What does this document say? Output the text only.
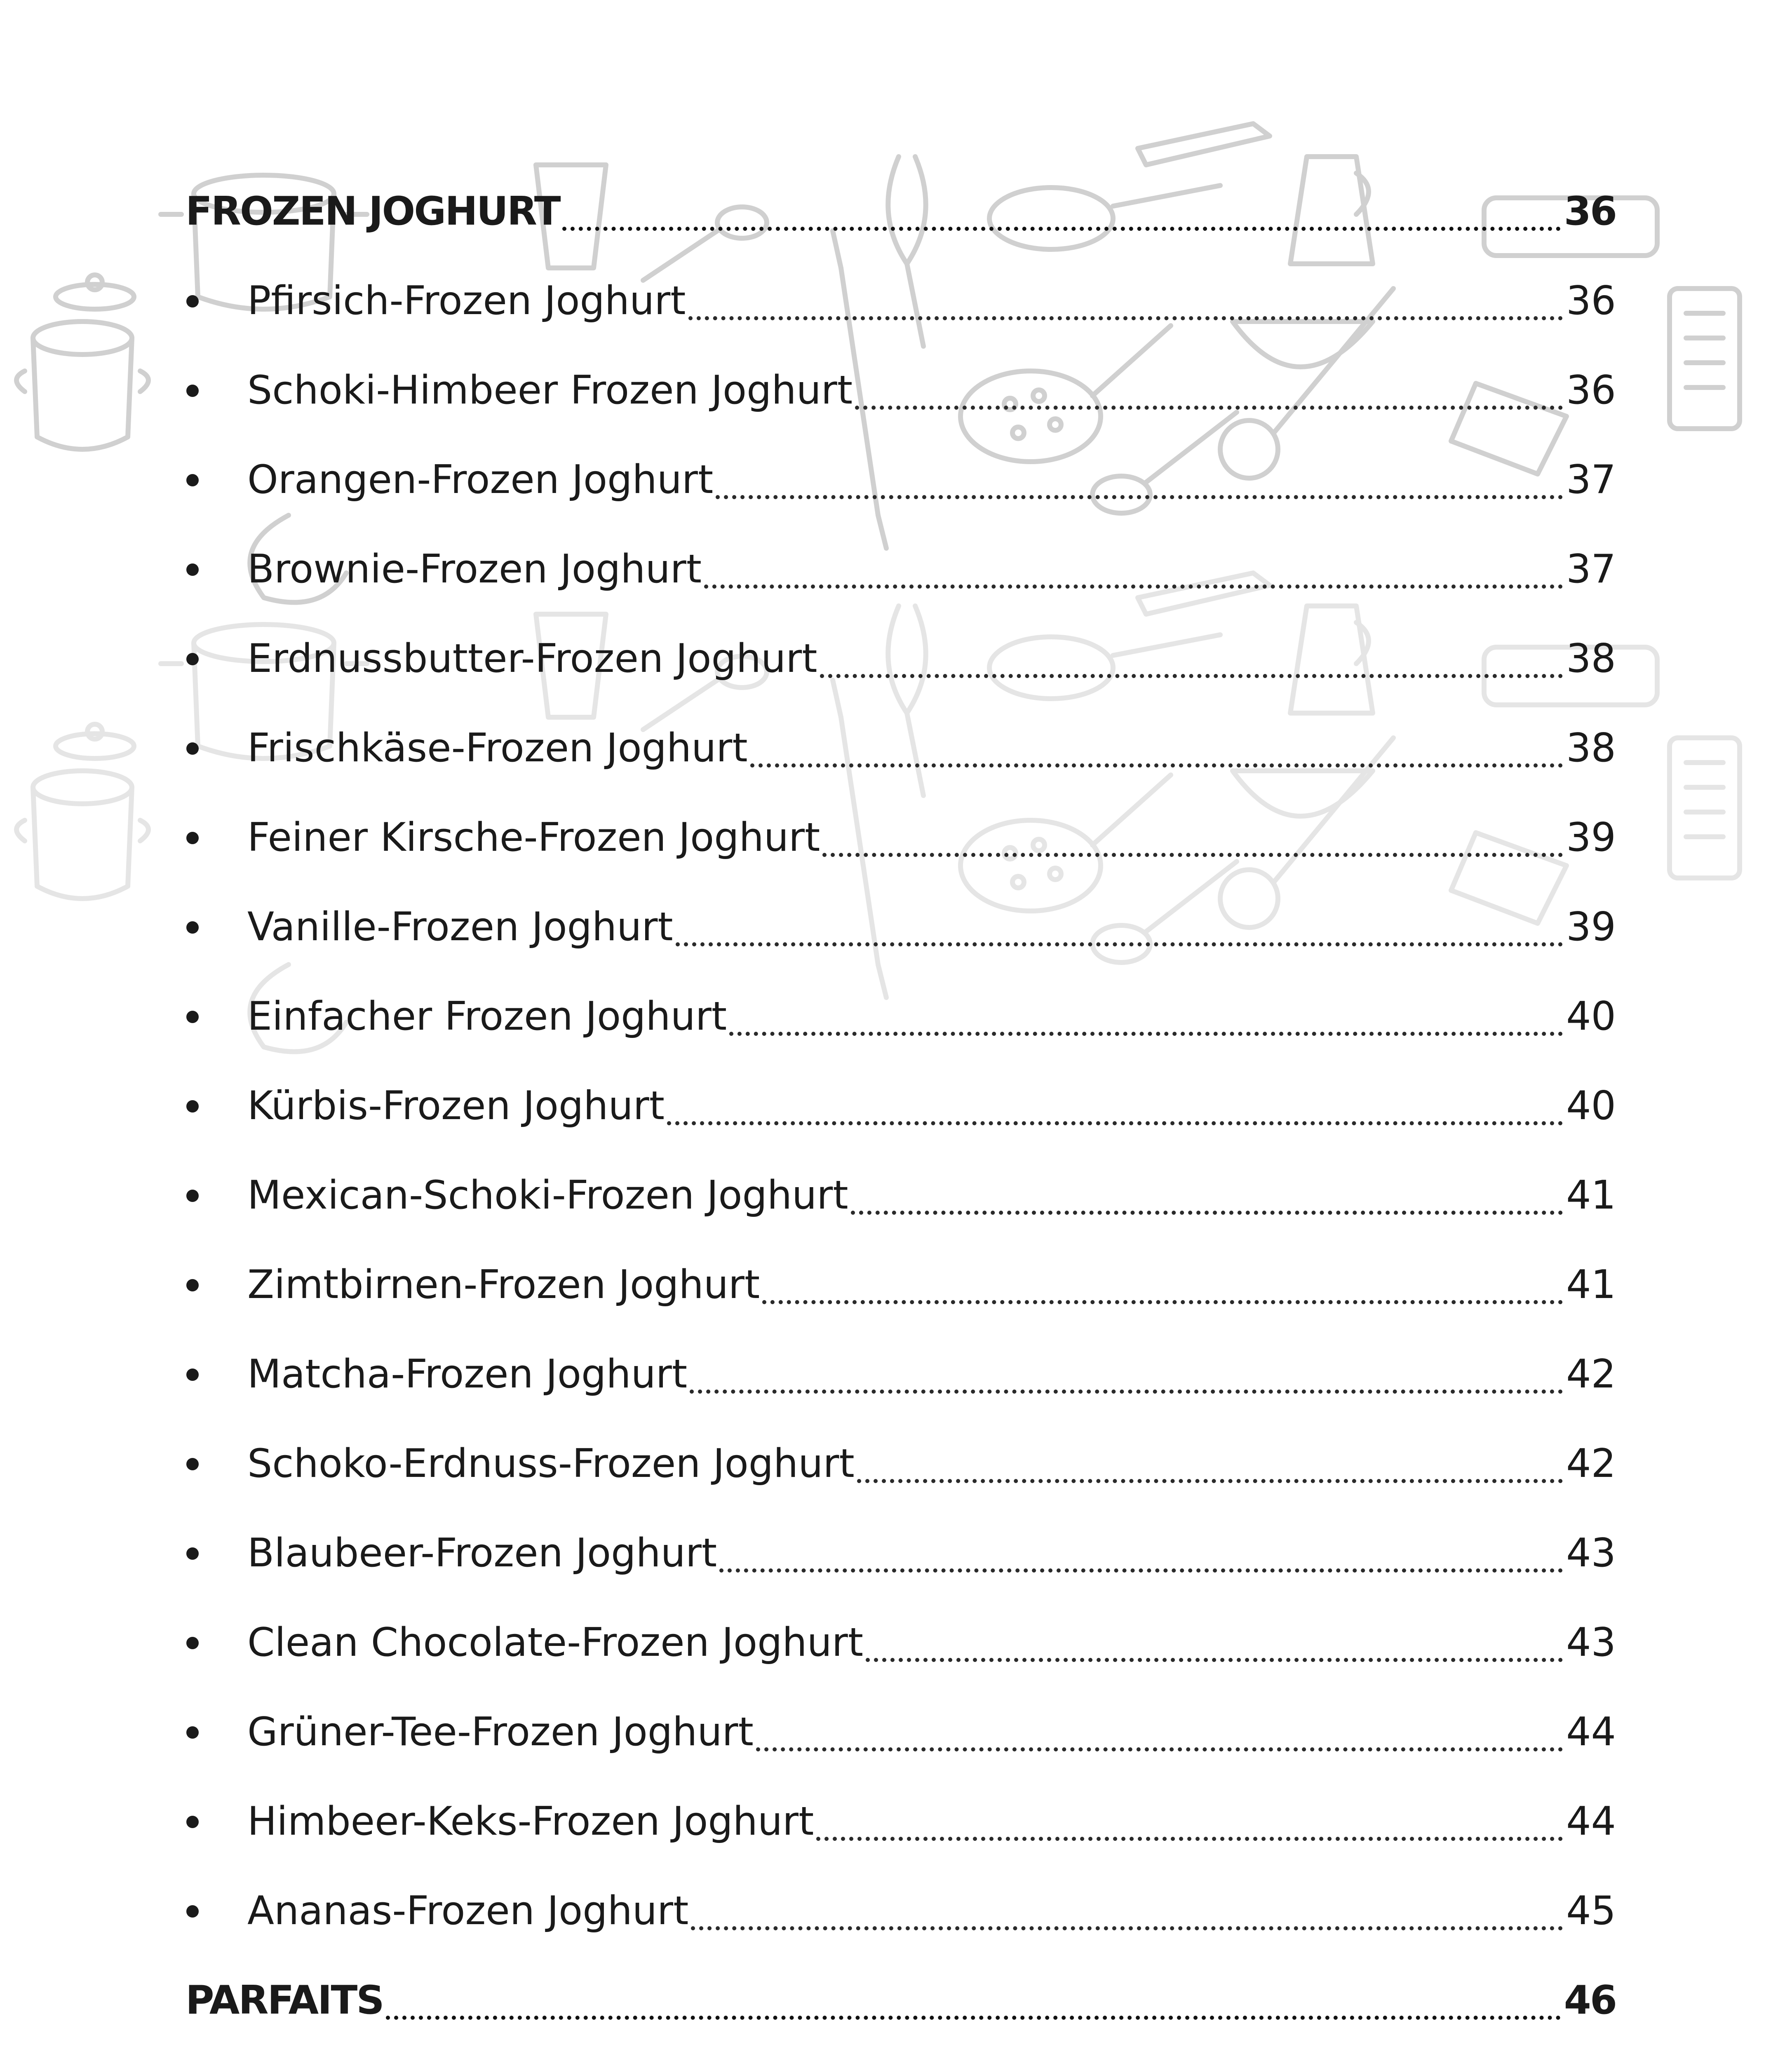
FROZEN JOGHURT	36
Pfirsich-Frozen Joghurt	36
Schoki-Himbeer Frozen Joghurt	36
Orangen-Frozen Joghurt	37
Brownie-Frozen Joghurt	37
Erdnussbutter-Frozen Joghurt	38
Frischkäse-Frozen Joghurt	38
Feiner Kirsche-Frozen Joghurt	39
Vanille-Frozen Joghurt	39
Einfacher Frozen Joghurt	40
Kürbis-Frozen Joghurt	40
Mexican-Schoki-Frozen Joghurt	41
Zimtbirnen-Frozen Joghurt	41
Matcha-Frozen Joghurt	42
Schoko-Erdnuss-Frozen Joghurt	42
Blaubeer-Frozen Joghurt	43
Clean Chocolate-Frozen Joghurt	43
Grüner-Tee-Frozen Joghurt	44
Himbeer-Keks-Frozen Joghurt	44
Ananas-Frozen Joghurt	45
PARFAITS	46
